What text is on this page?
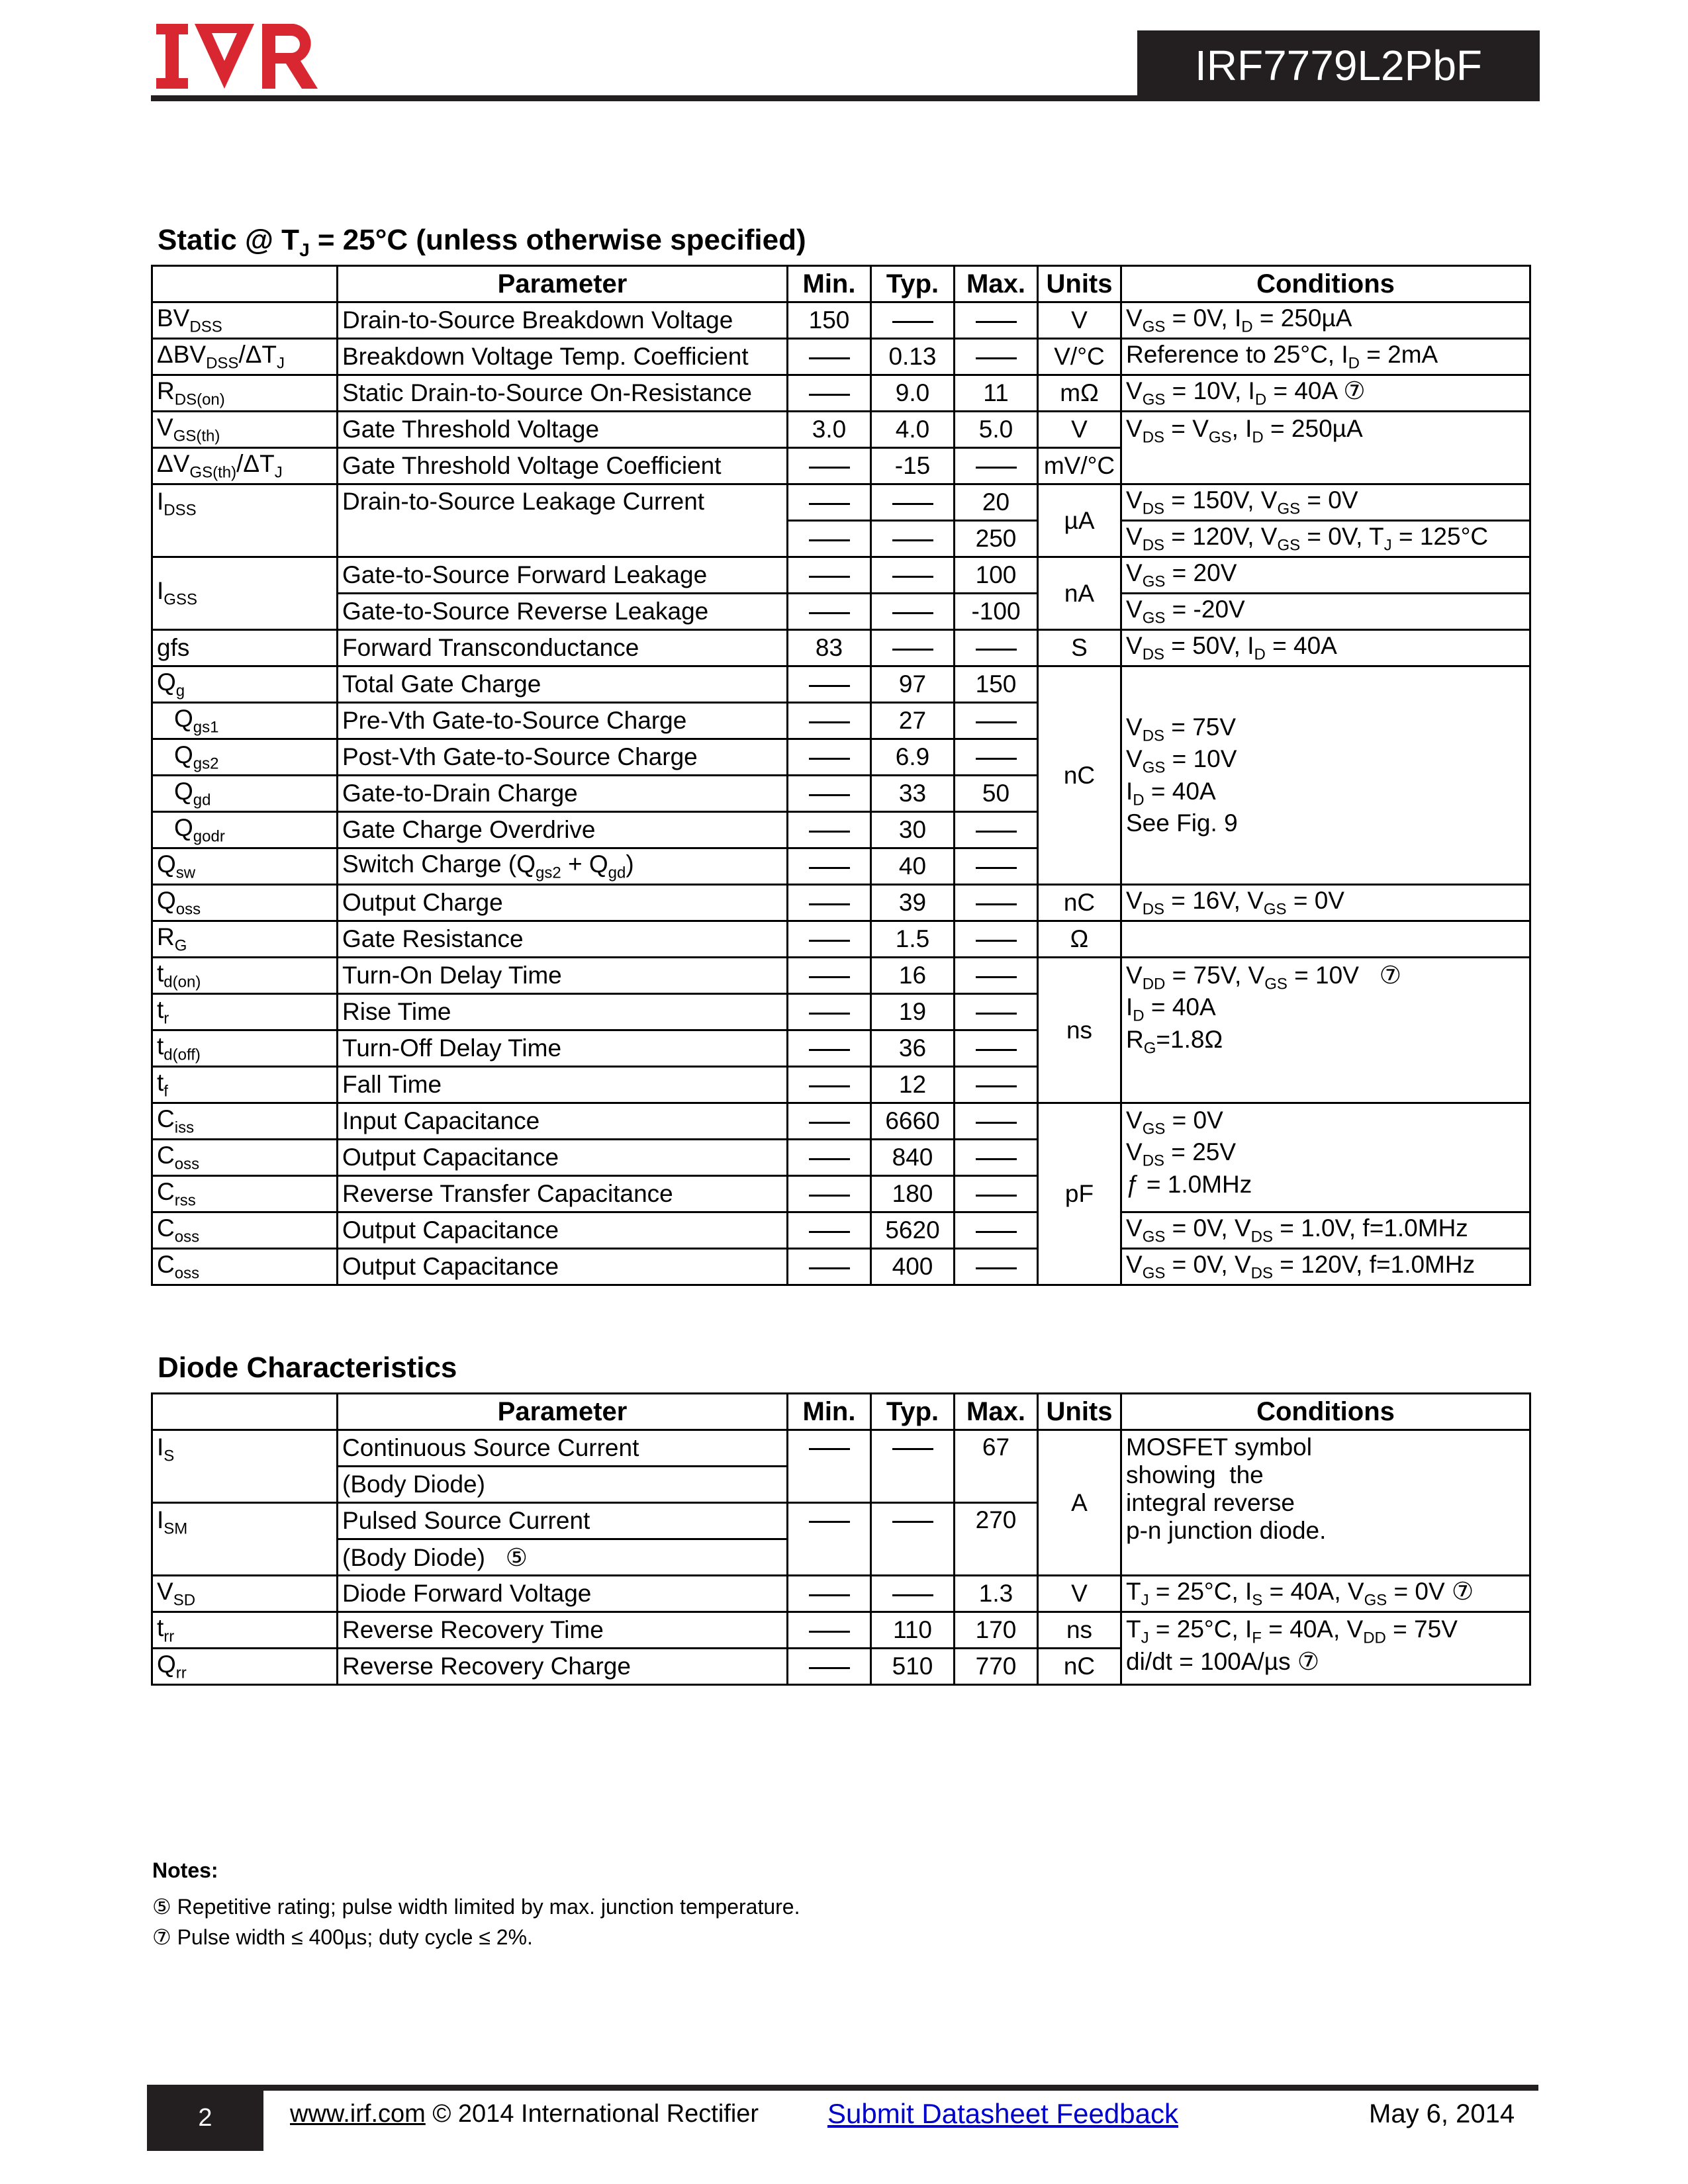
IRF7779L2PbF
Static @ $T_J = 25^\circ C$ (unless otherwise specified)
	Parameter	Min.	Typ.	Max.	Units	Conditions
$BV_{DSS}$	Drain-to-Source Breakdown Voltage	150			V	$V_{GS} = 0V$, $I_D = 250\mu A$
$\Delta BV_{DSS}/\Delta T_J$	Breakdown Voltage Temp. Coefficient		0.13		V/°C	Reference to 25°C, $I_D = 2mA$
$R_{DS(on)}$	Static Drain-to-Source On-Resistance		9.0	11	mΩ	$V_{GS} = 10V$, $I_D = 40A$ ⑦
$V_{GS(th)}$	Gate Threshold Voltage	3.0	4.0	5.0	V	$V_{DS} = V_{GS}$, $I_D = 250\mu A$
$\Delta V_{GS(th)}/\Delta T_J$	Gate Threshold Voltage Coefficient		-15		mV/°C	
$I_{DSS}$	Drain-to-Source Leakage Current			20	µA	$V_{DS} = 150V$, $V_{GS} = 0V$
				250		$V_{DS} = 120V$, $V_{GS} = 0V$, $T_J = 125^\circ C$
$I_{GSS}$	Gate-to-Source Forward Leakage			100	nA	$V_{GS} = 20V$
	Gate-to-Source Reverse Leakage			-100		$V_{GS} = -20V$
gfs	Forward Transconductance	83			S	$V_{DS} = 50V$, $I_D = 40A$
$Q_g$	Total Gate Charge		97	150	nC	$V_{DS} = 75V$
$V_{GS} = 10V$
$I_D = 40A$
See Fig. 9
$Q_{gs1}$	Pre-Vth Gate-to-Source Charge		27			
$Q_{gs2}$	Post-Vth Gate-to-Source Charge		6.9			
$Q_{gd}$	Gate-to-Drain Charge		33	50		
$Q_{godr}$	Gate Charge Overdrive		30			
$Q_{sw}$	Switch Charge $(Q_{gs2} + Q_{gd})$		40			
$Q_{oss}$	Output Charge		39		nC	$V_{DS} = 16V$, $V_{GS} = 0V$
$R_G$	Gate Resistance		1.5		Ω	
$t_{d(on)}$	Turn-On Delay Time		16		ns	$V_{DD} = 75V$, $V_{GS} = 10V$   ⑦
$I_D = 40A$
$R_G=1.8\Omega$
$t_r$	Rise Time		19			
$t_{d(off)}$	Turn-Off Delay Time		36			
$t_f$	Fall Time		12			
$C_{iss}$	Input Capacitance		6660		pF	$V_{GS} = 0V$
$V_{DS} = 25V$
ƒ = 1.0MHz
$C_{oss}$	Output Capacitance		840			
$C_{rss}$	Reverse Transfer Capacitance		180			
$C_{oss}$	Output Capacitance		5620			$V_{GS} = 0V$, $V_{DS} = 1.0V$, f=1.0MHz
$C_{oss}$	Output Capacitance		400			$V_{GS} = 0V$, $V_{DS} = 120V$, f=1.0MHz
Diode Characteristics
	Parameter	Min.	Typ.	Max.	Units	Conditions	
$I_S$	Continuous Source Current			67	A	MOSFET symbol
showing  the
integral reverse
p-n junction diode.	
	(Body Diode)						
$I_{SM}$	Pulsed Source Current			270		
	(Body Diode)   ⑤						
$V_{SD}$	Diode Forward Voltage			1.3	V	$T_J = 25^\circ C$, $I_S = 40A$, $V_{GS} = 0V$ ⑦	
$t_{rr}$	Reverse Recovery Time		110	170	ns	$T_J = 25^\circ C$, $I_F = 40A$, $V_{DD} = 75V$
di/dt = 100A/µs ⑦	
$Q_{rr}$	Reverse Recovery Charge		510	770	nC		
Notes:
⑤ Repetitive rating; pulse width limited by max. junction temperature.
⑦ Pulse width ≤ 400µs; duty cycle ≤ 2%.
2	www.irf.com © 2014 International Rectifier Submit Datasheet Feedback	May 6, 2014
